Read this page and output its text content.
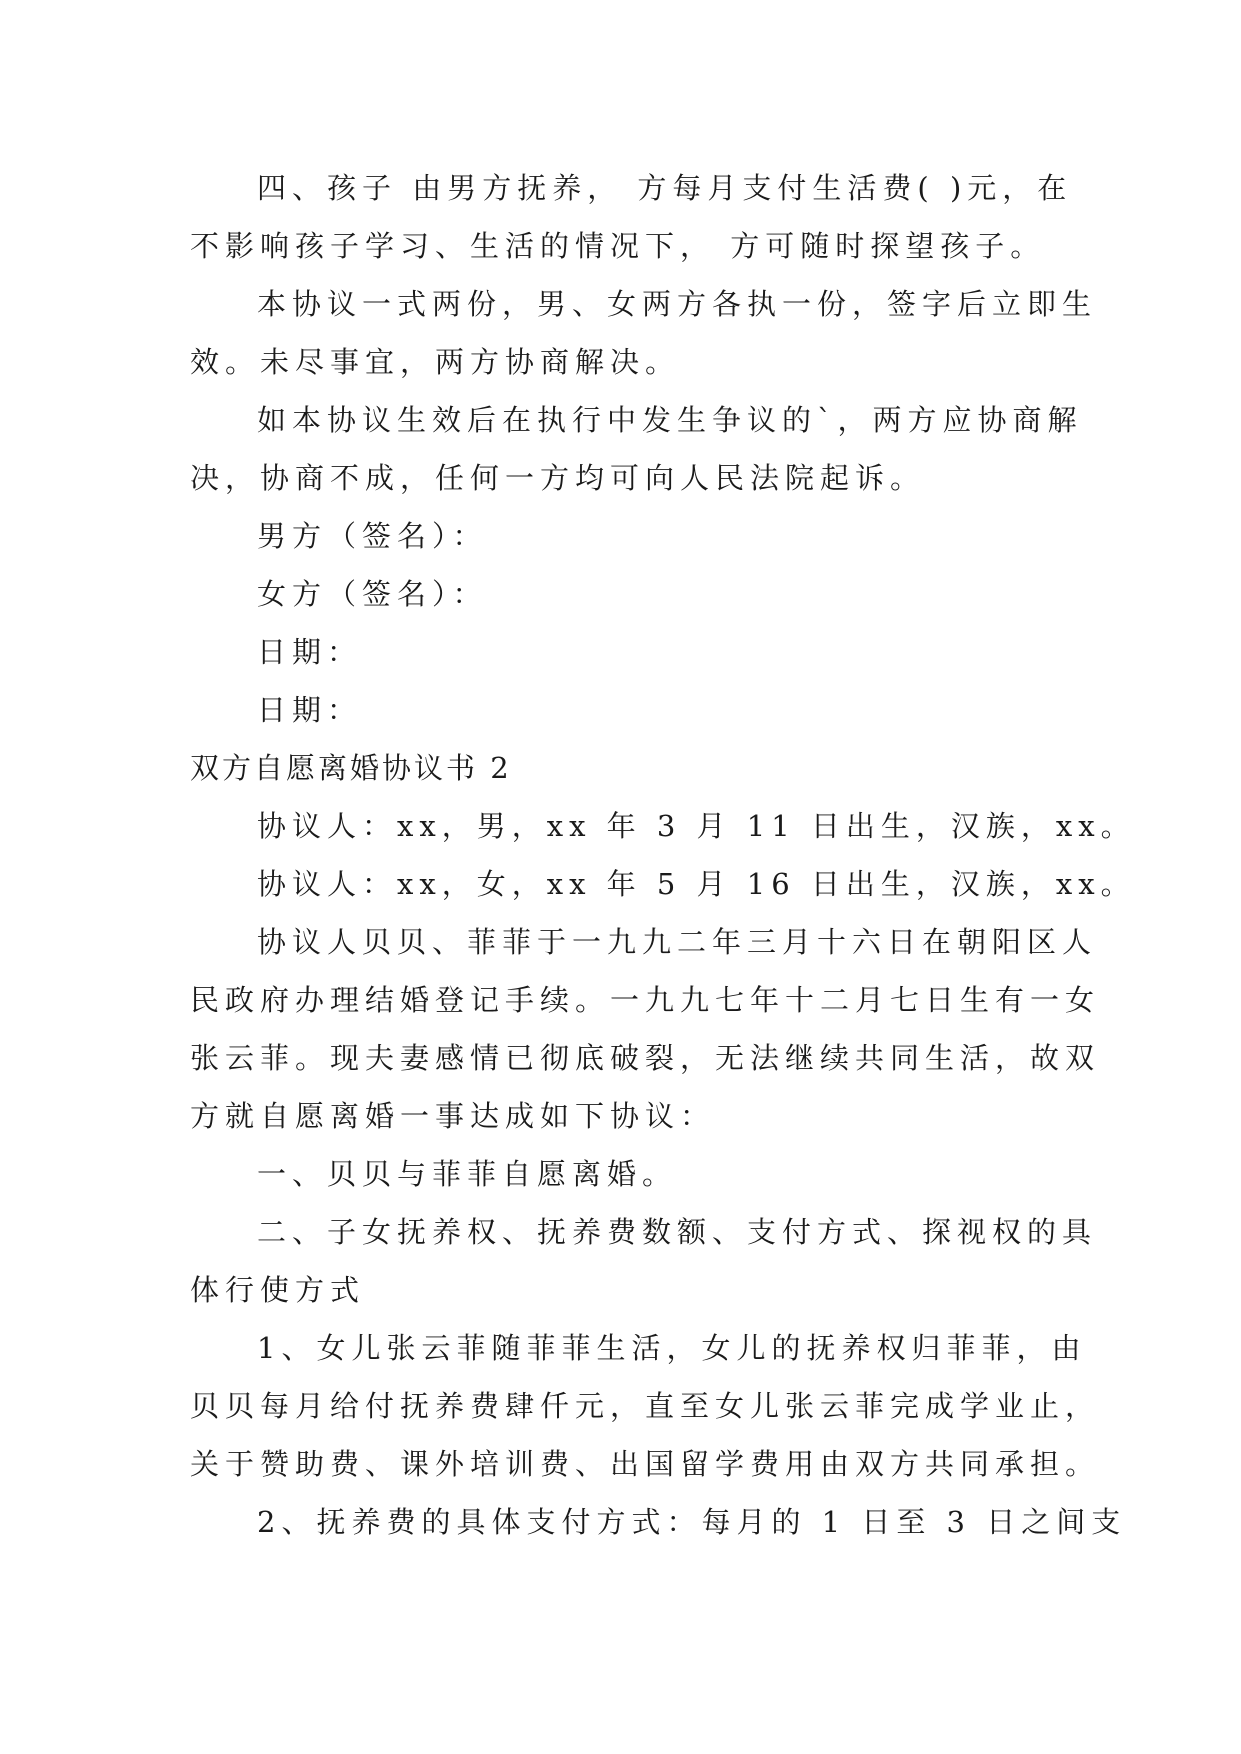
四、孩子 由男方抚养， 方每月支付生活费( )元，在
不影响孩子学习、生活的情况下， 方可随时探望孩子。
本协议一式两份，男、女两方各执一份，签字后立即生
效。未尽事宜，两方协商解决。
如本协议生效后在执行中发生争议的`，两方应协商解
决，协商不成，任何一方均可向人民法院起诉。
男方（签名）：
女方（签名）：
日期：
日期：
双方自愿离婚协议书 2
协议人：xx，男，xx 年 3 月 11 日出生，汉族，xx。
协议人：xx，女，xx 年 5 月 16 日出生，汉族，xx。
协议人贝贝、菲菲于一九九二年三月十六日在朝阳区人
民政府办理结婚登记手续。一九九七年十二月七日生有一女
张云菲。现夫妻感情已彻底破裂，无法继续共同生活，故双
方就自愿离婚一事达成如下协议：
一、贝贝与菲菲自愿离婚。
二、子女抚养权、抚养费数额、支付方式、探视权的具
体行使方式
1、女儿张云菲随菲菲生活，女儿的抚养权归菲菲，由
贝贝每月给付抚养费肆仟元，直至女儿张云菲完成学业止，
关于赞助费、课外培训费、出国留学费用由双方共同承担。
2、抚养费的具体支付方式：每月的 1 日至 3 日之间支
